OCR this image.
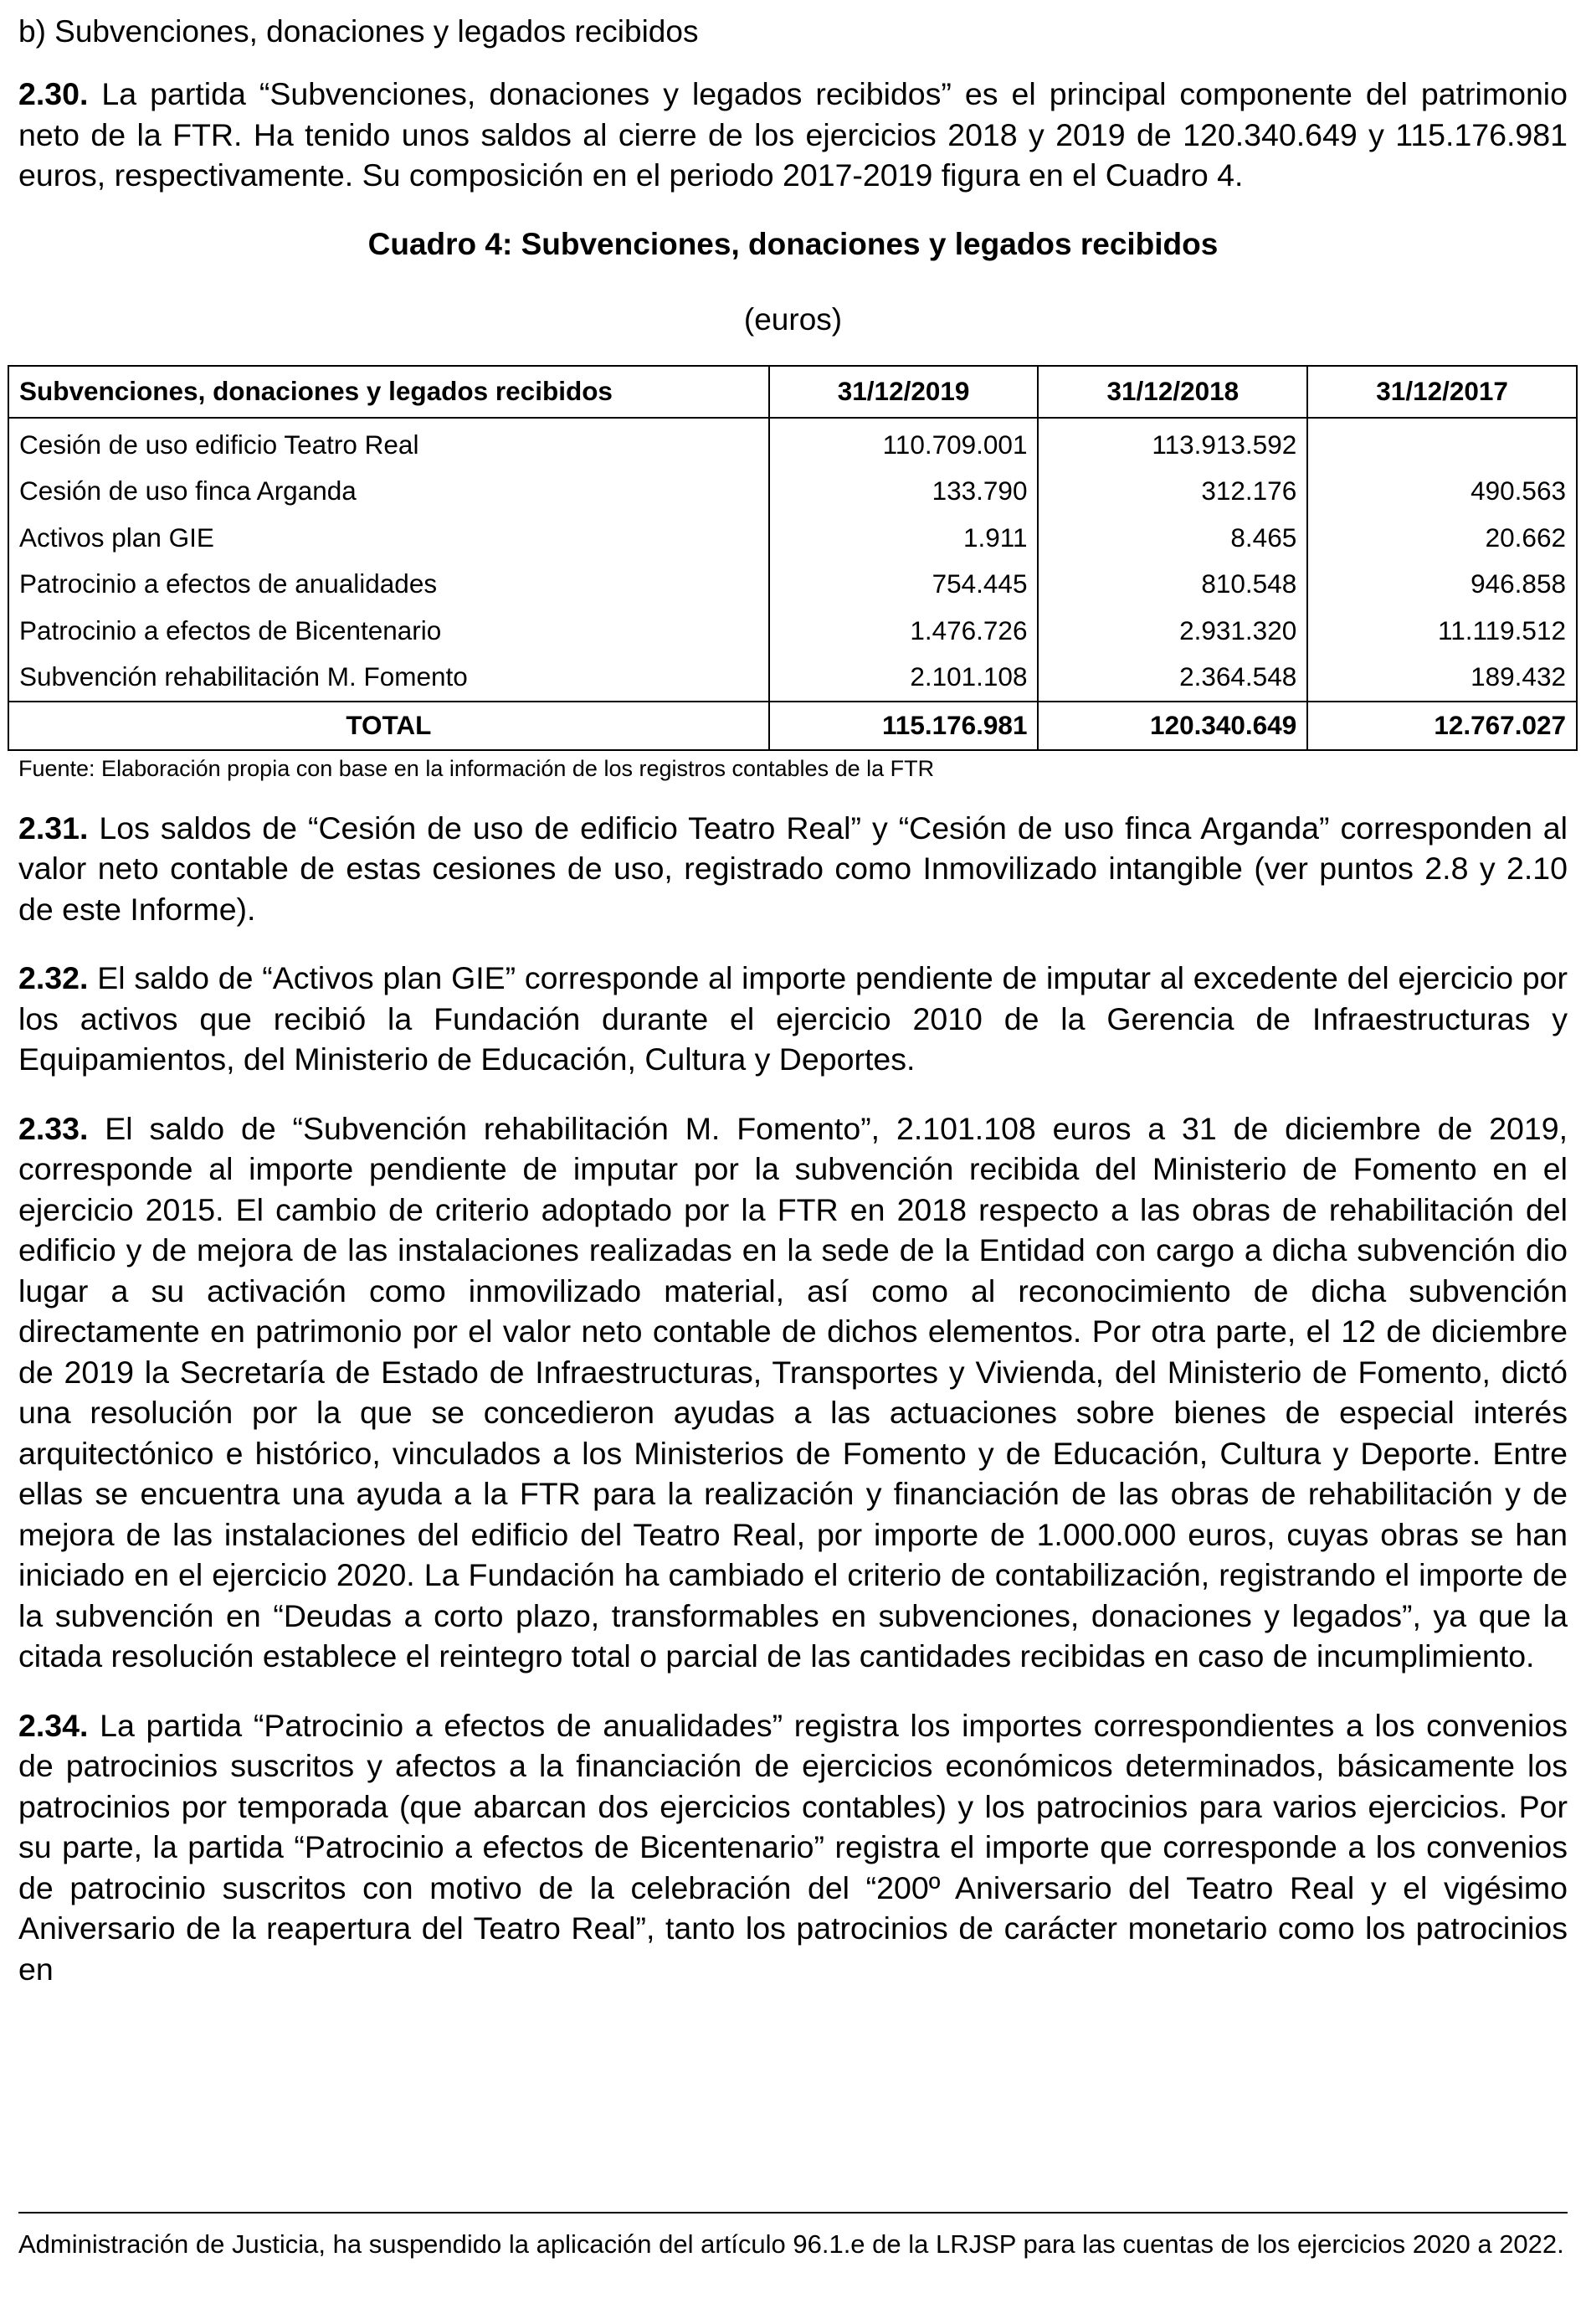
b) Subvenciones, donaciones y legados recibidos

2.30. La partida “Subvenciones, donaciones y legados recibidos” es el principal componente del patrimonio neto de la FTR. Ha tenido unos saldos al cierre de los ejercicios 2018 y 2019 de 120.340.649 y 115.176.981 euros, respectivamente. Su composición en el periodo 2017-2019 figura en el Cuadro 4.

Cuadro 4: Subvenciones, donaciones y legados recibidos
(euros)
Subvenciones, donaciones y legados recibidos	31/12/2019	31/12/2018	31/12/2017
Cesión de uso edificio Teatro Real	110.709.001	113.913.592	
Cesión de uso finca Arganda	133.790	312.176	490.563
Activos plan GIE	1.911	8.465	20.662
Patrocinio a efectos de anualidades	754.445	810.548	946.858
Patrocinio a efectos de Bicentenario	1.476.726	2.931.320	11.119.512
Subvención rehabilitación M. Fomento	2.101.108	2.364.548	189.432
TOTAL	115.176.981	120.340.649	12.767.027
Fuente: Elaboración propia con base en la información de los registros contables de la FTR

2.31. Los saldos de “Cesión de uso de edificio Teatro Real” y “Cesión de uso finca Arganda” corresponden al valor neto contable de estas cesiones de uso, registrado como Inmovilizado intangible (ver puntos 2.8 y 2.10 de este Informe).

2.32. El saldo de “Activos plan GIE” corresponde al importe pendiente de imputar al excedente del ejercicio por los activos que recibió la Fundación durante el ejercicio 2010 de la Gerencia de Infraestructuras y Equipamientos, del Ministerio de Educación, Cultura y Deportes.

2.33. El saldo de “Subvención rehabilitación M. Fomento”, 2.101.108 euros a 31 de diciembre de 2019, corresponde al importe pendiente de imputar por la subvención recibida del Ministerio de Fomento en el ejercicio 2015. El cambio de criterio adoptado por la FTR en 2018 respecto a las obras de rehabilitación del edificio y de mejora de las instalaciones realizadas en la sede de la Entidad con cargo a dicha subvención dio lugar a su activación como inmovilizado material, así como al reconocimiento de dicha subvención directamente en patrimonio por el valor neto contable de dichos elementos. Por otra parte, el 12 de diciembre de 2019 la Secretaría de Estado de Infraestructuras, Transportes y Vivienda, del Ministerio de Fomento, dictó una resolución por la que se concedieron ayudas a las actuaciones sobre bienes de especial interés arquitectónico e histórico, vinculados a los Ministerios de Fomento y de Educación, Cultura y Deporte. Entre ellas se encuentra una ayuda a la FTR para la realización y financiación de las obras de rehabilitación y de mejora de las instalaciones del edificio del Teatro Real, por importe de 1.000.000 euros, cuyas obras se han iniciado en el ejercicio 2020. La Fundación ha cambiado el criterio de contabilización, registrando el importe de la subvención en “Deudas a corto plazo, transformables en subvenciones, donaciones y legados”, ya que la citada resolución establece el reintegro total o parcial de las cantidades recibidas en caso de incumplimiento.

2.34. La partida “Patrocinio a efectos de anualidades” registra los importes correspondientes a los convenios de patrocinios suscritos y afectos a la financiación de ejercicios económicos determinados, básicamente los patrocinios por temporada (que abarcan dos ejercicios contables) y los patrocinios para varios ejercicios. Por su parte, la partida “Patrocinio a efectos de Bicentenario” registra el importe que corresponde a los convenios de patrocinio suscritos con motivo de la celebración del “200º Aniversario del Teatro Real y el vigésimo Aniversario de la reapertura del Teatro Real”, tanto los patrocinios de carácter monetario como los patrocinios en

Administración de Justicia, ha suspendido la aplicación del artículo 96.1.e de la LRJSP para las cuentas de los ejercicios 2020 a 2022.
